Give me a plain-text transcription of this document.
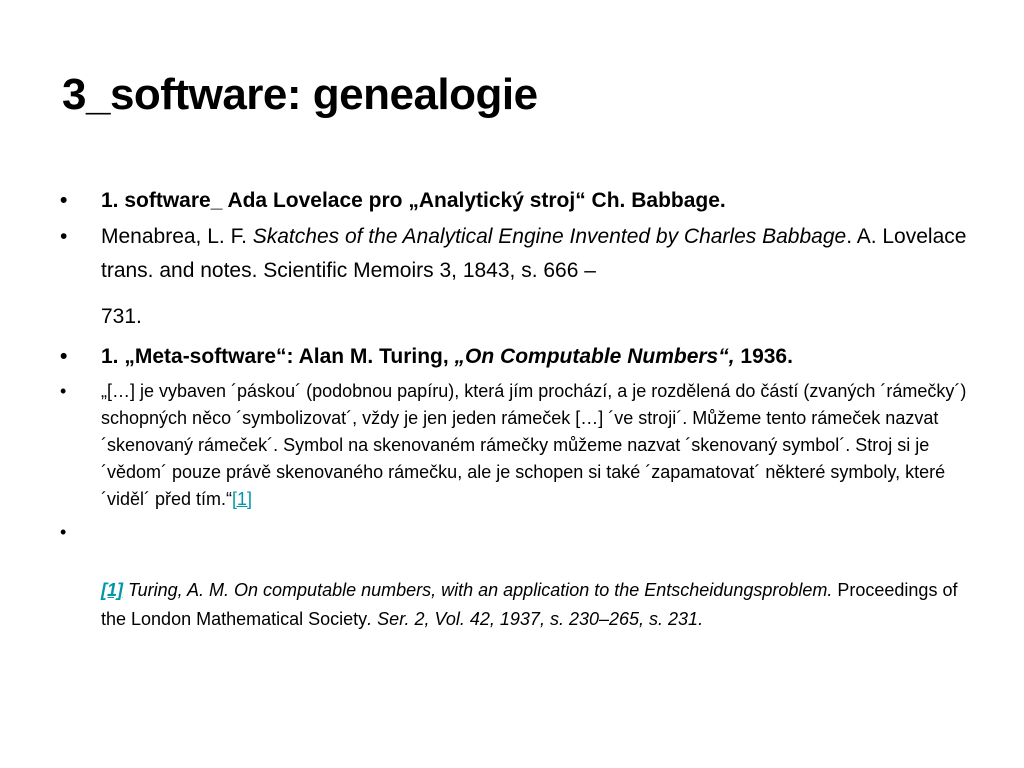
3_software: genealogie
• 1. software_ Ada Lovelace pro „Analytický stroj“ Ch. Babbage.
• Menabrea, L. F. Skatches of the Analytical Engine Invented by Charles Babbage. A. Lovelace trans. and notes. Scientific Memoirs 3, 1843, s. 666 –
731.
• 1. „Meta-software“: Alan M. Turing, „On Computable Numbers“, 1936.
• „[…] je vybaven ´páskou´ (podobnou papíru), která jím prochází, a je rozdělená do částí (zvaných ´rámečky´) schopných něco ´symbolizovat´, vždy je jen jeden rámeček […] ´ve stroji´. Můžeme tento rámeček nazvat ´skenovaný rámeček´. Symbol na skenovaném rámečky můžeme nazvat ´skenovaný symbol´. Stroj si je ´vědom´ pouze právě skenovaného rámečku, ale je schopen si také ´zapamatovat´ některé symboly, které ´viděl´ před tím.“[1]
•
[1] Turing, A. M. On computable numbers, with an application to the Entscheidungsproblem. Proceedings of the London Mathematical Society. Ser. 2, Vol. 42, 1937, s. 230–265, s. 231.
